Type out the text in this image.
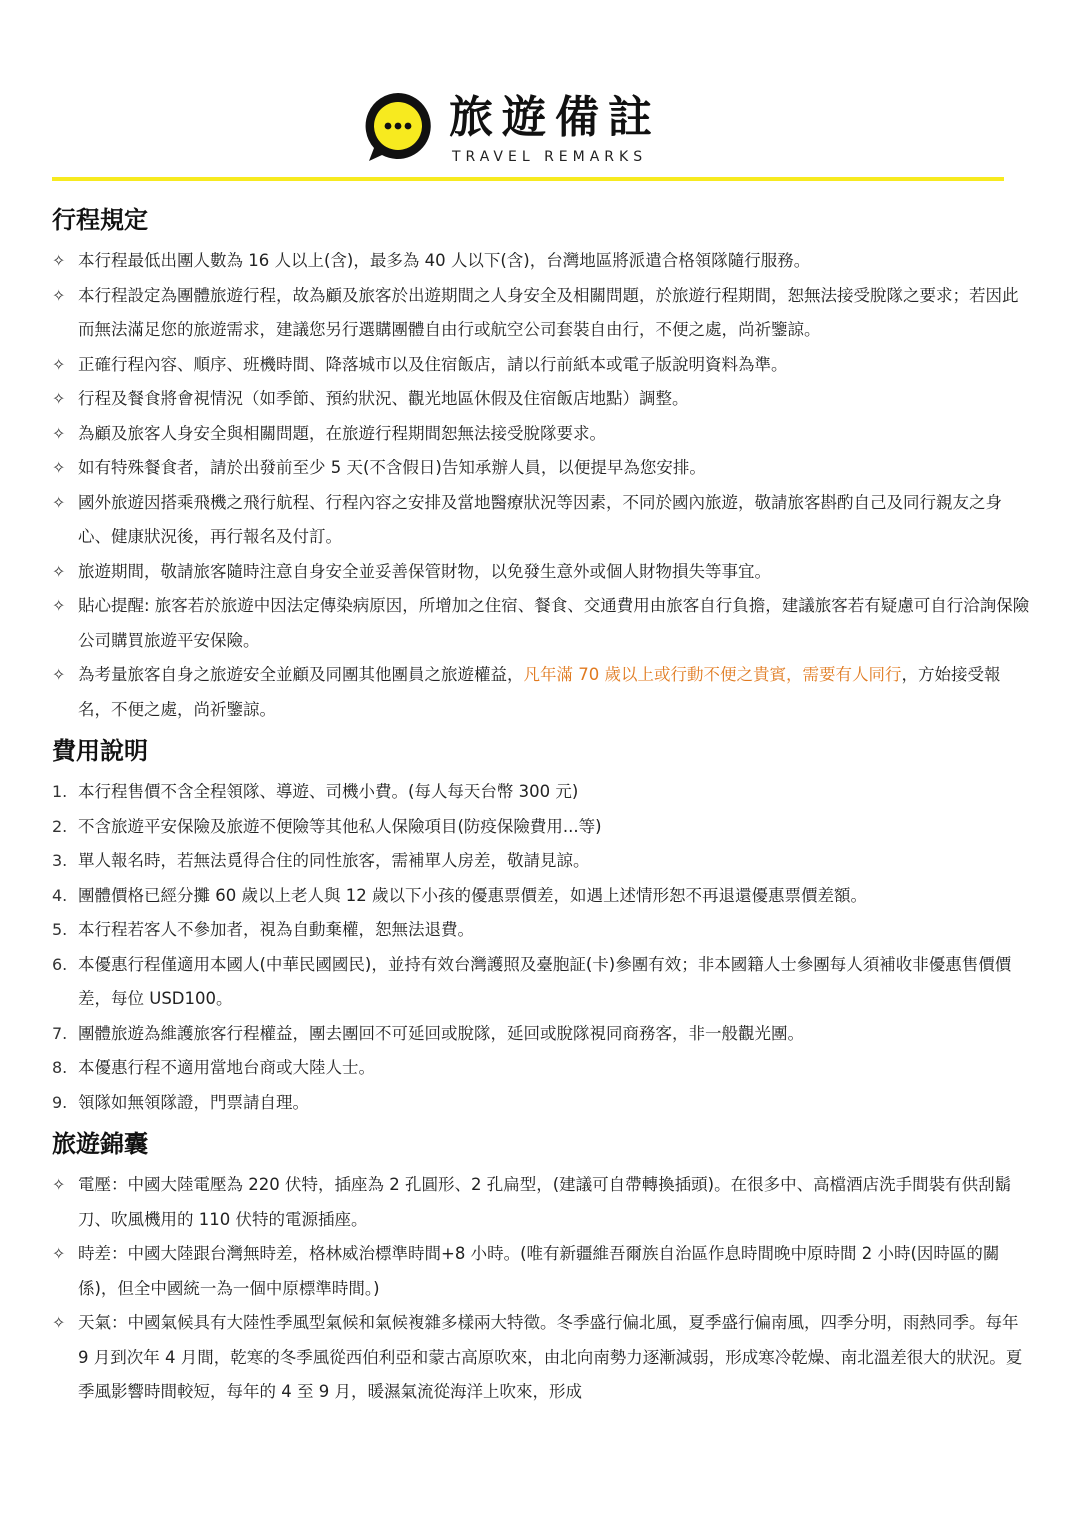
旅遊備註
TRAVEL REMARKS
行程規定
✧ 本行程最低出團人數為 16 人以上(含)，最多為 40 人以下(含)，台灣地區將派遣合格領隊隨行服務。
✧ 本行程設定為團體旅遊行程，故為顧及旅客於出遊期間之人身安全及相關問題，於旅遊行程期間，恕無法接受脫隊之要求；若因此而無法滿足您的旅遊需求，建議您另行選購團體自由行或航空公司套裝自由行，不便之處，尚祈鑒諒。
✧ 正確行程內容、順序、班機時間、降落城市以及住宿飯店，請以行前紙本或電子版說明資料為準。
✧ 行程及餐食將會視情況（如季節、預約狀況、觀光地區休假及住宿飯店地點）調整。
✧ 為顧及旅客人身安全與相關問題，在旅遊行程期間恕無法接受脫隊要求。
✧ 如有特殊餐食者，請於出發前至少 5 天(不含假日)告知承辦人員，以便提早為您安排。
✧ 國外旅遊因搭乘飛機之飛行航程、行程內容之安排及當地醫療狀況等因素，不同於國內旅遊，敬請旅客斟酌自己及同行親友之身心、健康狀況後，再行報名及付訂。
✧ 旅遊期間，敬請旅客隨時注意自身安全並妥善保管財物，以免發生意外或個人財物損失等事宜。
✧ 貼心提醒: 旅客若於旅遊中因法定傳染病原因，所增加之住宿、餐食、交通費用由旅客自行負擔，建議旅客若有疑慮可自行洽詢保險公司購買旅遊平安保險。
✧ 為考量旅客自身之旅遊安全並顧及同團其他團員之旅遊權益，凡年滿 70 歲以上或行動不便之貴賓，需要有人同行，方始接受報名，不便之處，尚祈鑒諒。
費用說明
1. 本行程售價不含全程領隊、導遊、司機小費。(每人每天台幣 300 元)
2. 不含旅遊平安保險及旅遊不便險等其他私人保險項目(防疫保險費用...等)
3. 單人報名時，若無法覓得合住的同性旅客，需補單人房差，敬請見諒。
4. 團體價格已經分攤 60 歲以上老人與 12 歲以下小孩的優惠票價差，如遇上述情形恕不再退還優惠票價差額。
5. 本行程若客人不參加者，視為自動棄權，恕無法退費。
6. 本優惠行程僅適用本國人(中華民國國民)，並持有效台灣護照及臺胞証(卡)參團有效；非本國籍人士參團每人須補收非優惠售價價差，每位 USD100。
7. 團體旅遊為維護旅客行程權益，團去團回不可延回或脫隊，延回或脫隊視同商務客，非一般觀光團。
8. 本優惠行程不適用當地台商或大陸人士。
9. 領隊如無領隊證，門票請自理。
旅遊錦囊
✧ 電壓：中國大陸電壓為 220 伏特，插座為 2 孔圓形、2 孔扁型，(建議可自帶轉換插頭)。在很多中、高檔酒店洗手間裝有供刮鬍刀、吹風機用的 110 伏特的電源插座。
✧ 時差：中國大陸跟台灣無時差，格林威治標準時間+8 小時。(唯有新疆維吾爾族自治區作息時間晚中原時間 2 小時(因時區的關係)，但全中國統一為一個中原標準時間。)
✧ 天氣：中國氣候具有大陸性季風型氣候和氣候複雜多樣兩大特徵。冬季盛行偏北風，夏季盛行偏南風，四季分明，雨熱同季。每年 9 月到次年 4 月間，乾寒的冬季風從西伯利亞和蒙古高原吹來，由北向南勢力逐漸減弱，形成寒冷乾燥、南北溫差很大的狀況。夏季風影響時間較短，每年的 4 至 9 月，暖濕氣流從海洋上吹來，形成
